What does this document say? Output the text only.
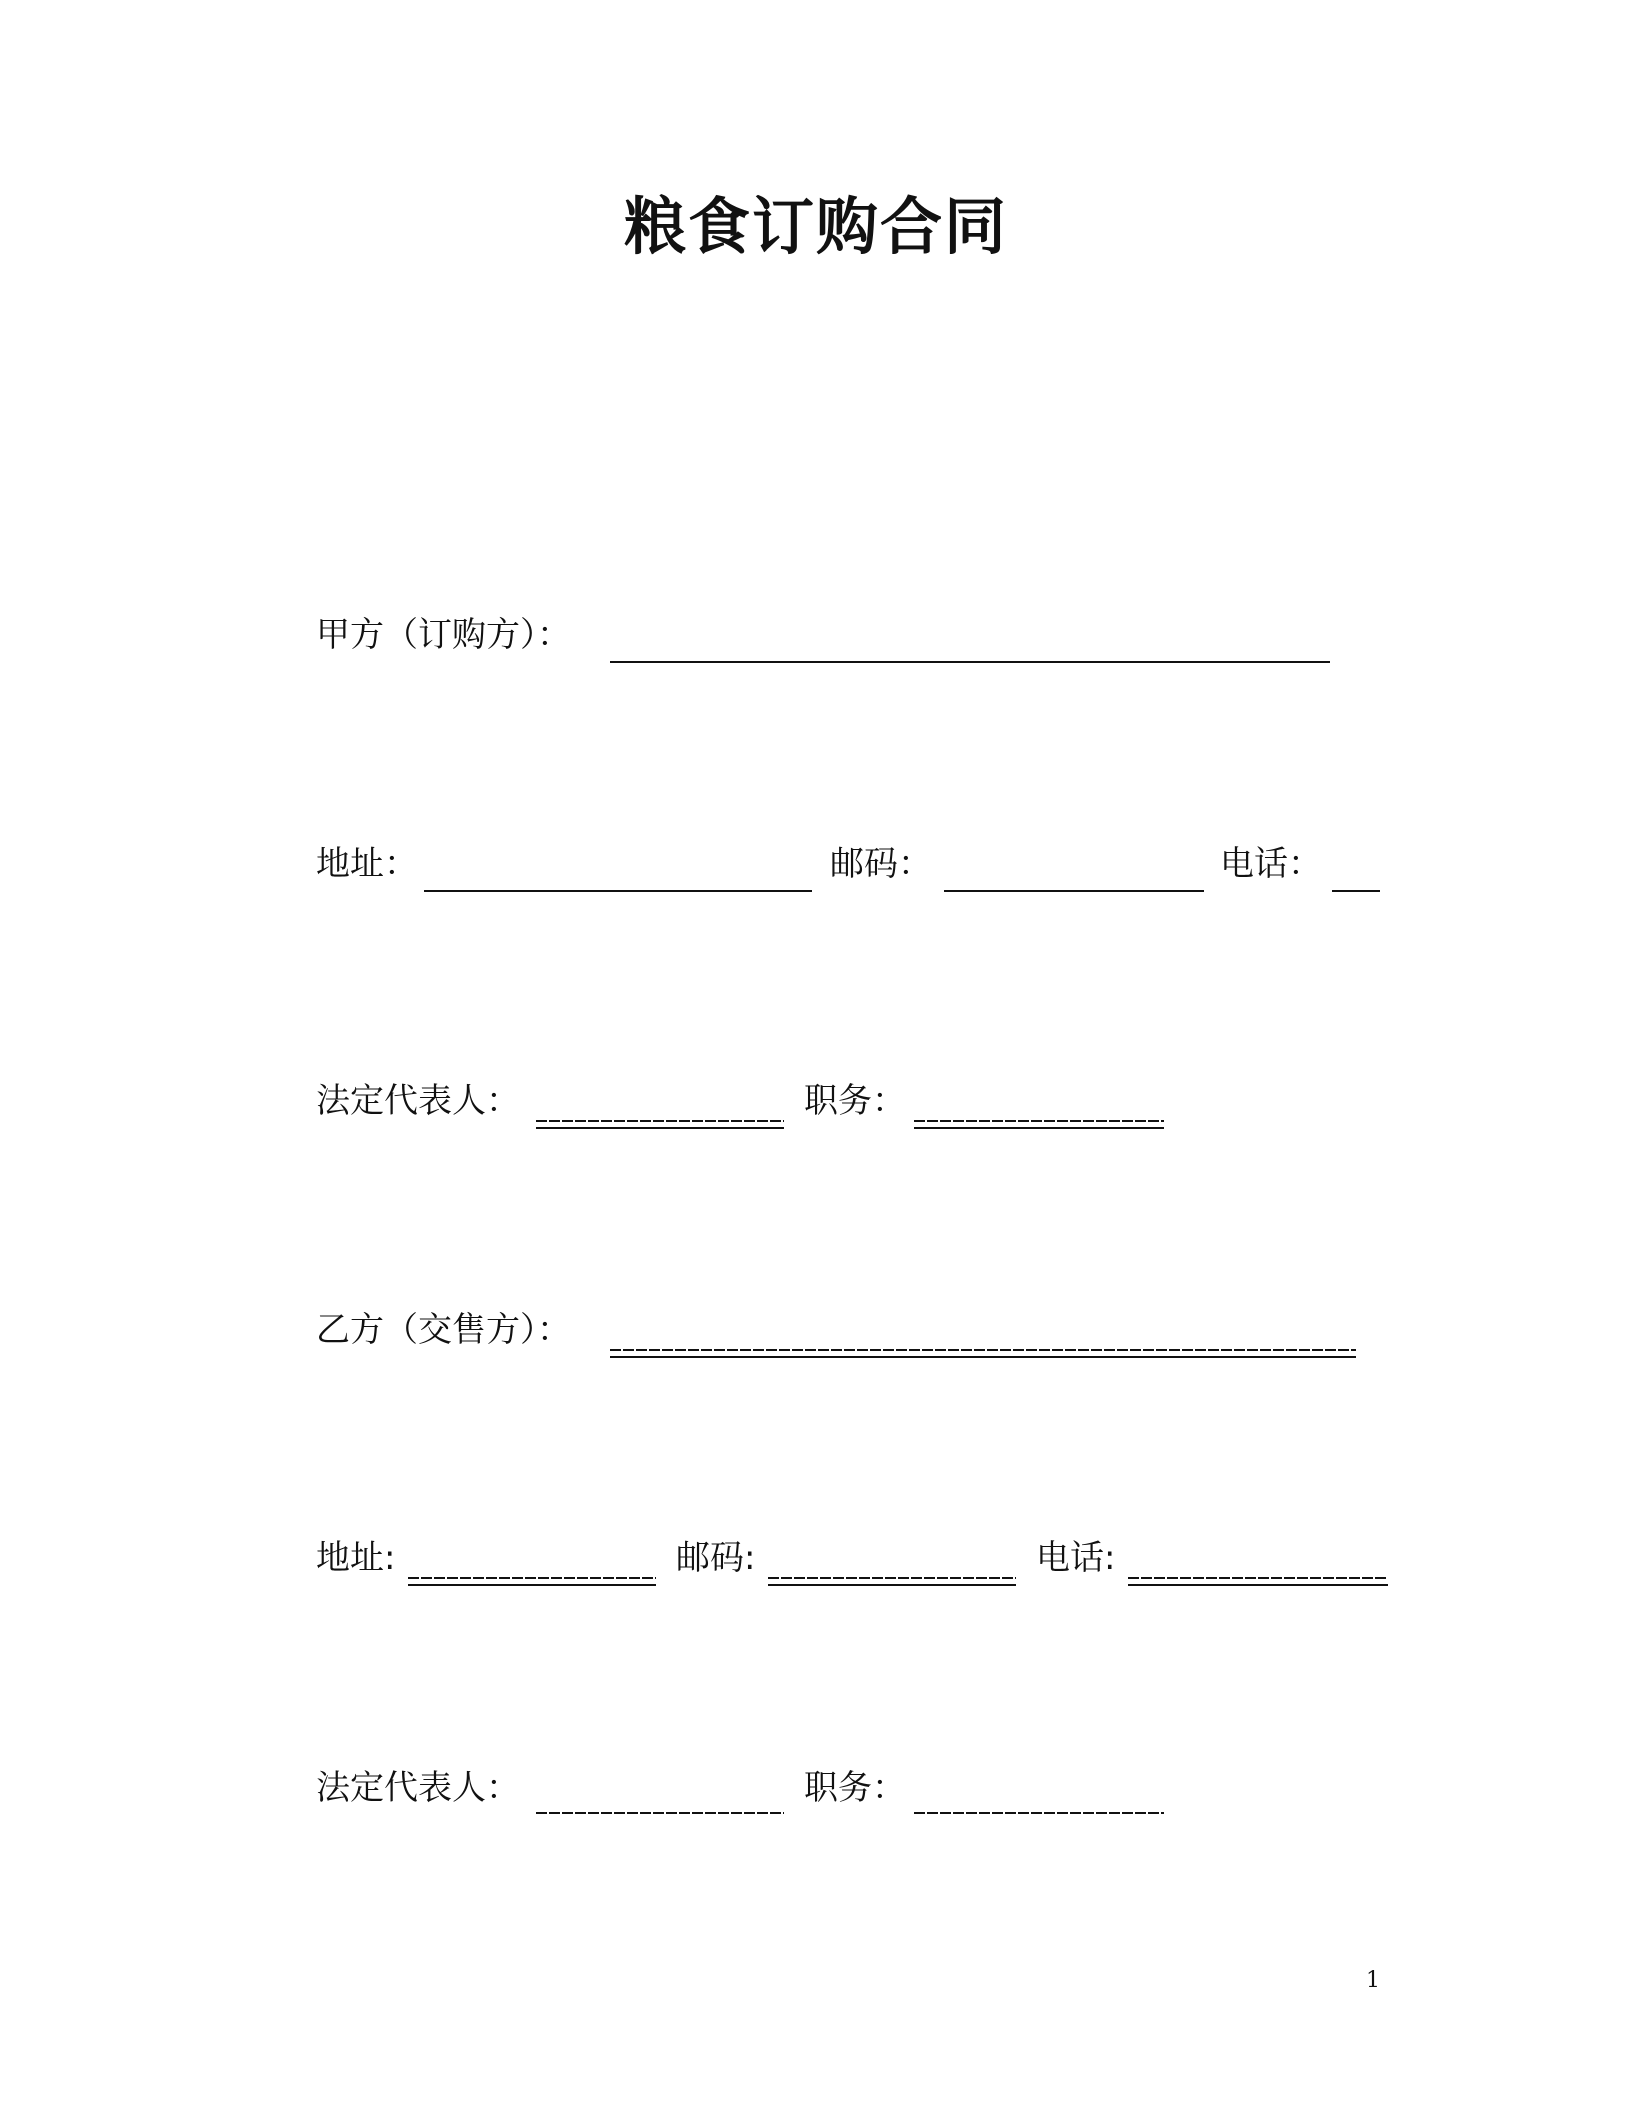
粮食订购合同
甲方（订购方）：
地址：	邮码：	电话：
法定代表人：	职务：
乙方（交售方）：
地址:	邮码:	电话:
法定代表人：	职务：
1
